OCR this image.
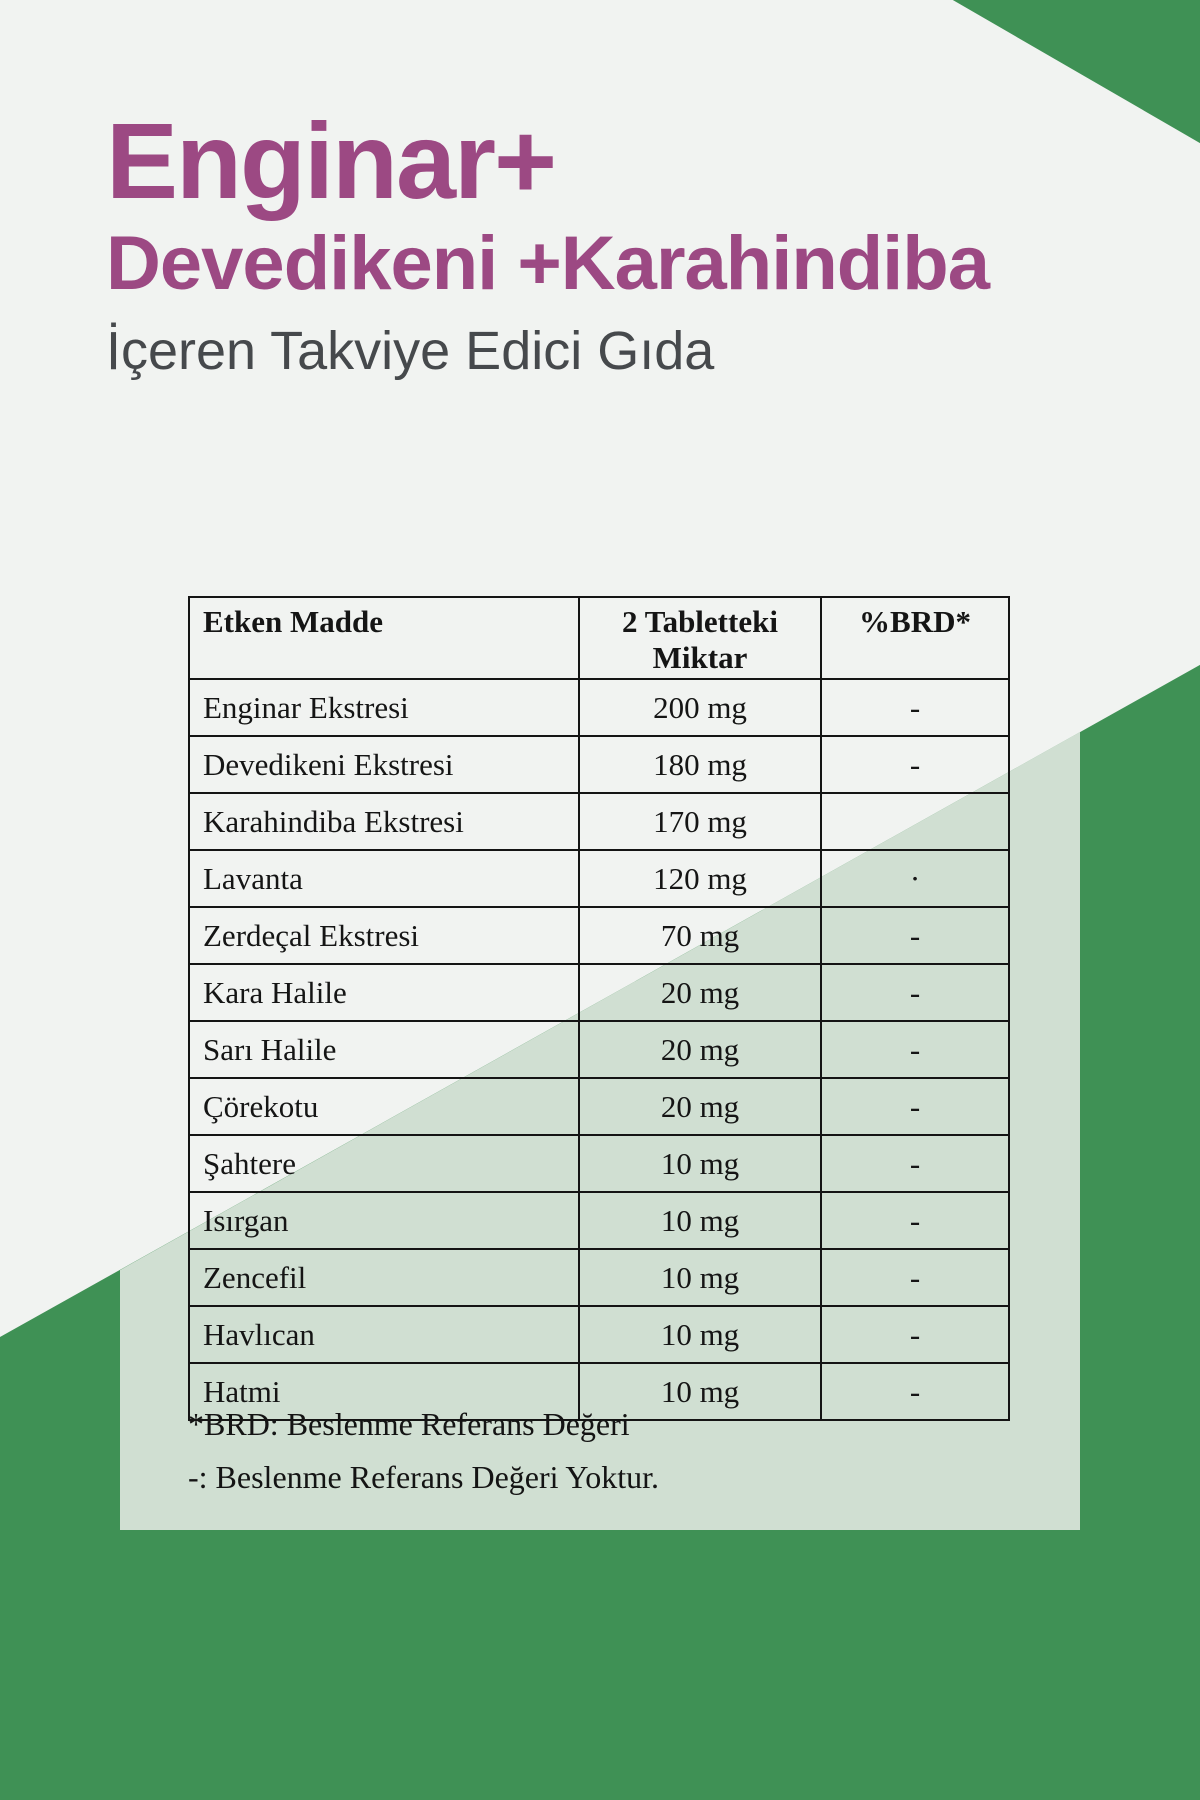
Enginar+
Devedikeni +Karahindiba
İçeren Takviye Edici Gıda
Etken Madde	2 Tabletteki Miktar	%BRD*
Enginar Ekstresi	200 mg	-
Devedikeni Ekstresi	180 mg	-
Karahindiba Ekstresi	170 mg	
Lavanta	120 mg	·
Zerdeçal Ekstresi	70 mg	-
Kara Halile	20 mg	-
Sarı Halile	20 mg	-
Çörekotu	20 mg	-
Şahtere	10 mg	-
Isırgan	10 mg	-
Zencefil	10 mg	-
Havlıcan	10 mg	-
Hatmi	10 mg	-
*BRD: Beslenme Referans Değeri
-: Beslenme Referans Değeri Yoktur.
